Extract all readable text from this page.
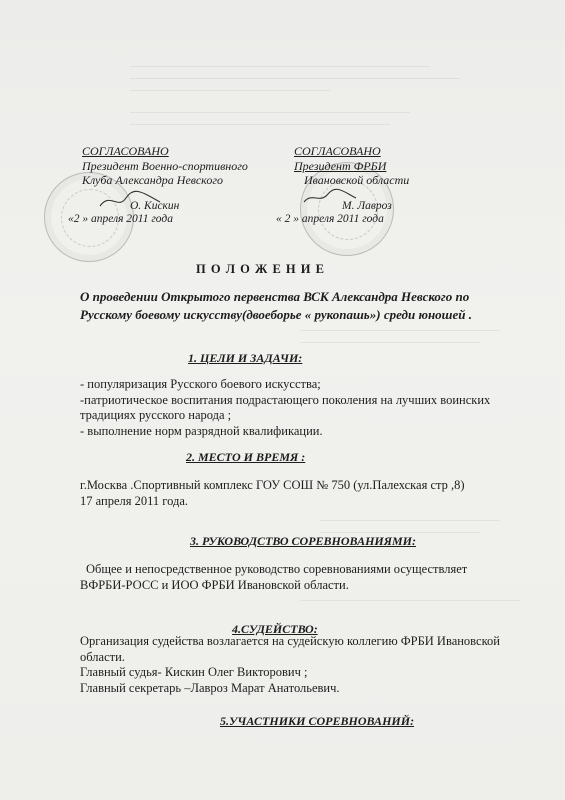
СОГЛАСОВАНО
Президент Военно-спортивного
Клуба Александра Невского
О. Кискин
«2 » апреля 2011 года
СОГЛАСОВАНО
Президент ФРБИ
Ивановской области
М. Лавроз
« 2 » апреля 2011 года
П О Л О Ж Е Н И Е
О проведении Открытого первенства ВСК Александра Невского по Русскому боевому искусству(двоеборье « рукопашь») среди юношей .
1. ЦЕЛИ И ЗАДАЧИ:
- популяризация Русского боевого искусства;
-патриотическое воспитания подрастающего поколения на лучших воинских традициях русского народа ;
- выполнение норм разрядной квалификации.
2. МЕСТО И ВРЕМЯ :
г.Москва .Спортивный комплекс ГОУ СОШ № 750 (ул.Палехская стр ,8)
17 апреля 2011 года.
3. РУКОВОДСТВО СОРЕВНОВАНИЯМИ:
Общее и непосредственное руководство соревнованиями осуществляет ВФРБИ-РОСС и ИОО ФРБИ Ивановской области.
4.СУДЕЙСТВО:
Организация судейства возлагается на судейскую коллегию ФРБИ Ивановской области.
Главный судья- Кискин Олег Викторович ;
Главный секретарь –Лавроз Марат Анатольевич.
5.УЧАСТНИКИ СОРЕВНОВАНИЙ:
